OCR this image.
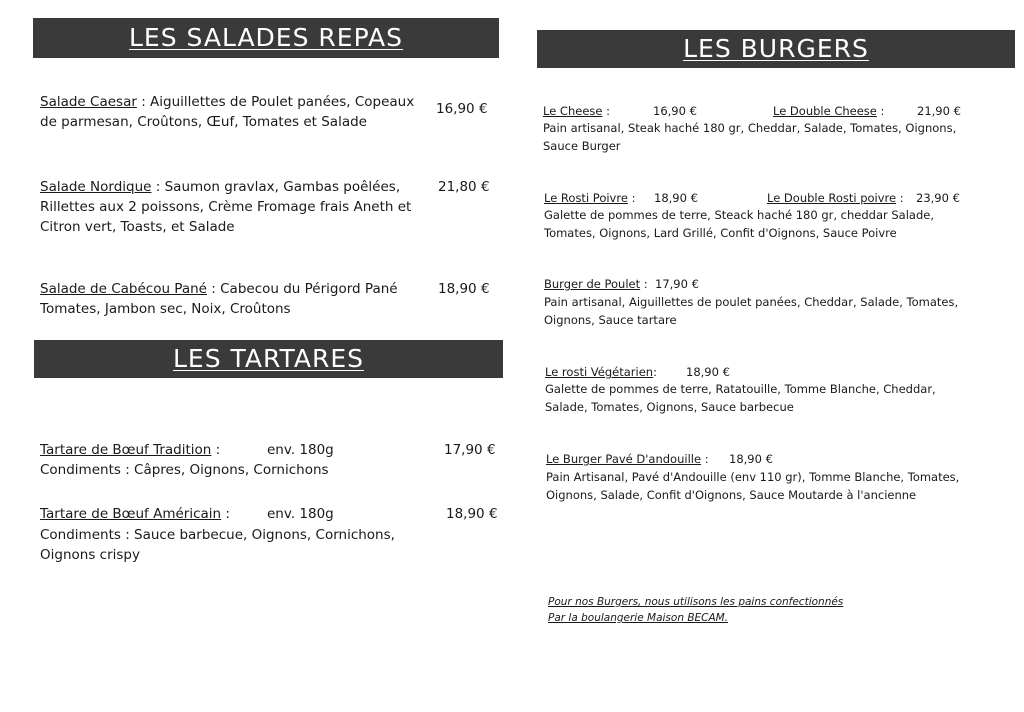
LES SALADES REPAS
Salade Caesar : Aiguillettes de Poulet panées, Copeaux de parmesan, Croûtons, Œuf, Tomates et Salade
16,90 €
Salade Nordique : Saumon gravlax, Gambas poêlées, Rillettes aux 2 poissons, Crème Fromage frais Aneth et Citron vert, Toasts, et Salade
21,80 €
Salade de Cabécou Pané : Cabecou du Périgord Pané Tomates, Jambon sec, Noix, Croûtons
18,90 €
LES TARTARES
Tartare de Bœuf Tradition :	env. 180g	17,90 €
Condiments : Câpres, Oignons, Cornichons
Tartare de Bœuf Américain :	env. 180g	18,90 €
Condiments : Sauce barbecue, Oignons, Cornichons, Oignons crispy
LES BURGERS
Le Cheese :	16,90 €	Le Double Cheese :	21,90 €
Pain artisanal, Steak haché 180 gr, Cheddar, Salade, Tomates, Oignons, Sauce Burger
Le Rosti Poivre : 18,90 €	Le Double Rosti poivre : 23,90 €
Galette de pommes de terre, Steack haché 180 gr, cheddar Salade, Tomates, Oignons, Lard Grillé, Confit d'Oignons, Sauce Poivre
Burger de Poulet : 17,90 €
Pain artisanal, Aiguillettes de poulet panées, Cheddar, Salade, Tomates, Oignons, Sauce tartare
Le rosti Végétarien:	18,90 €
Galette de pommes de terre, Ratatouille, Tomme Blanche, Cheddar, Salade, Tomates, Oignons, Sauce barbecue
Le Burger Pavé D'andouille : 18,90 €
Pain Artisanal, Pavé d'Andouille (env 110 gr), Tomme Blanche, Tomates, Oignons, Salade, Confit d'Oignons, Sauce Moutarde à l'ancienne
Pour nos Burgers, nous utilisons les pains confectionnés
Par la boulangerie Maison BECAM.
